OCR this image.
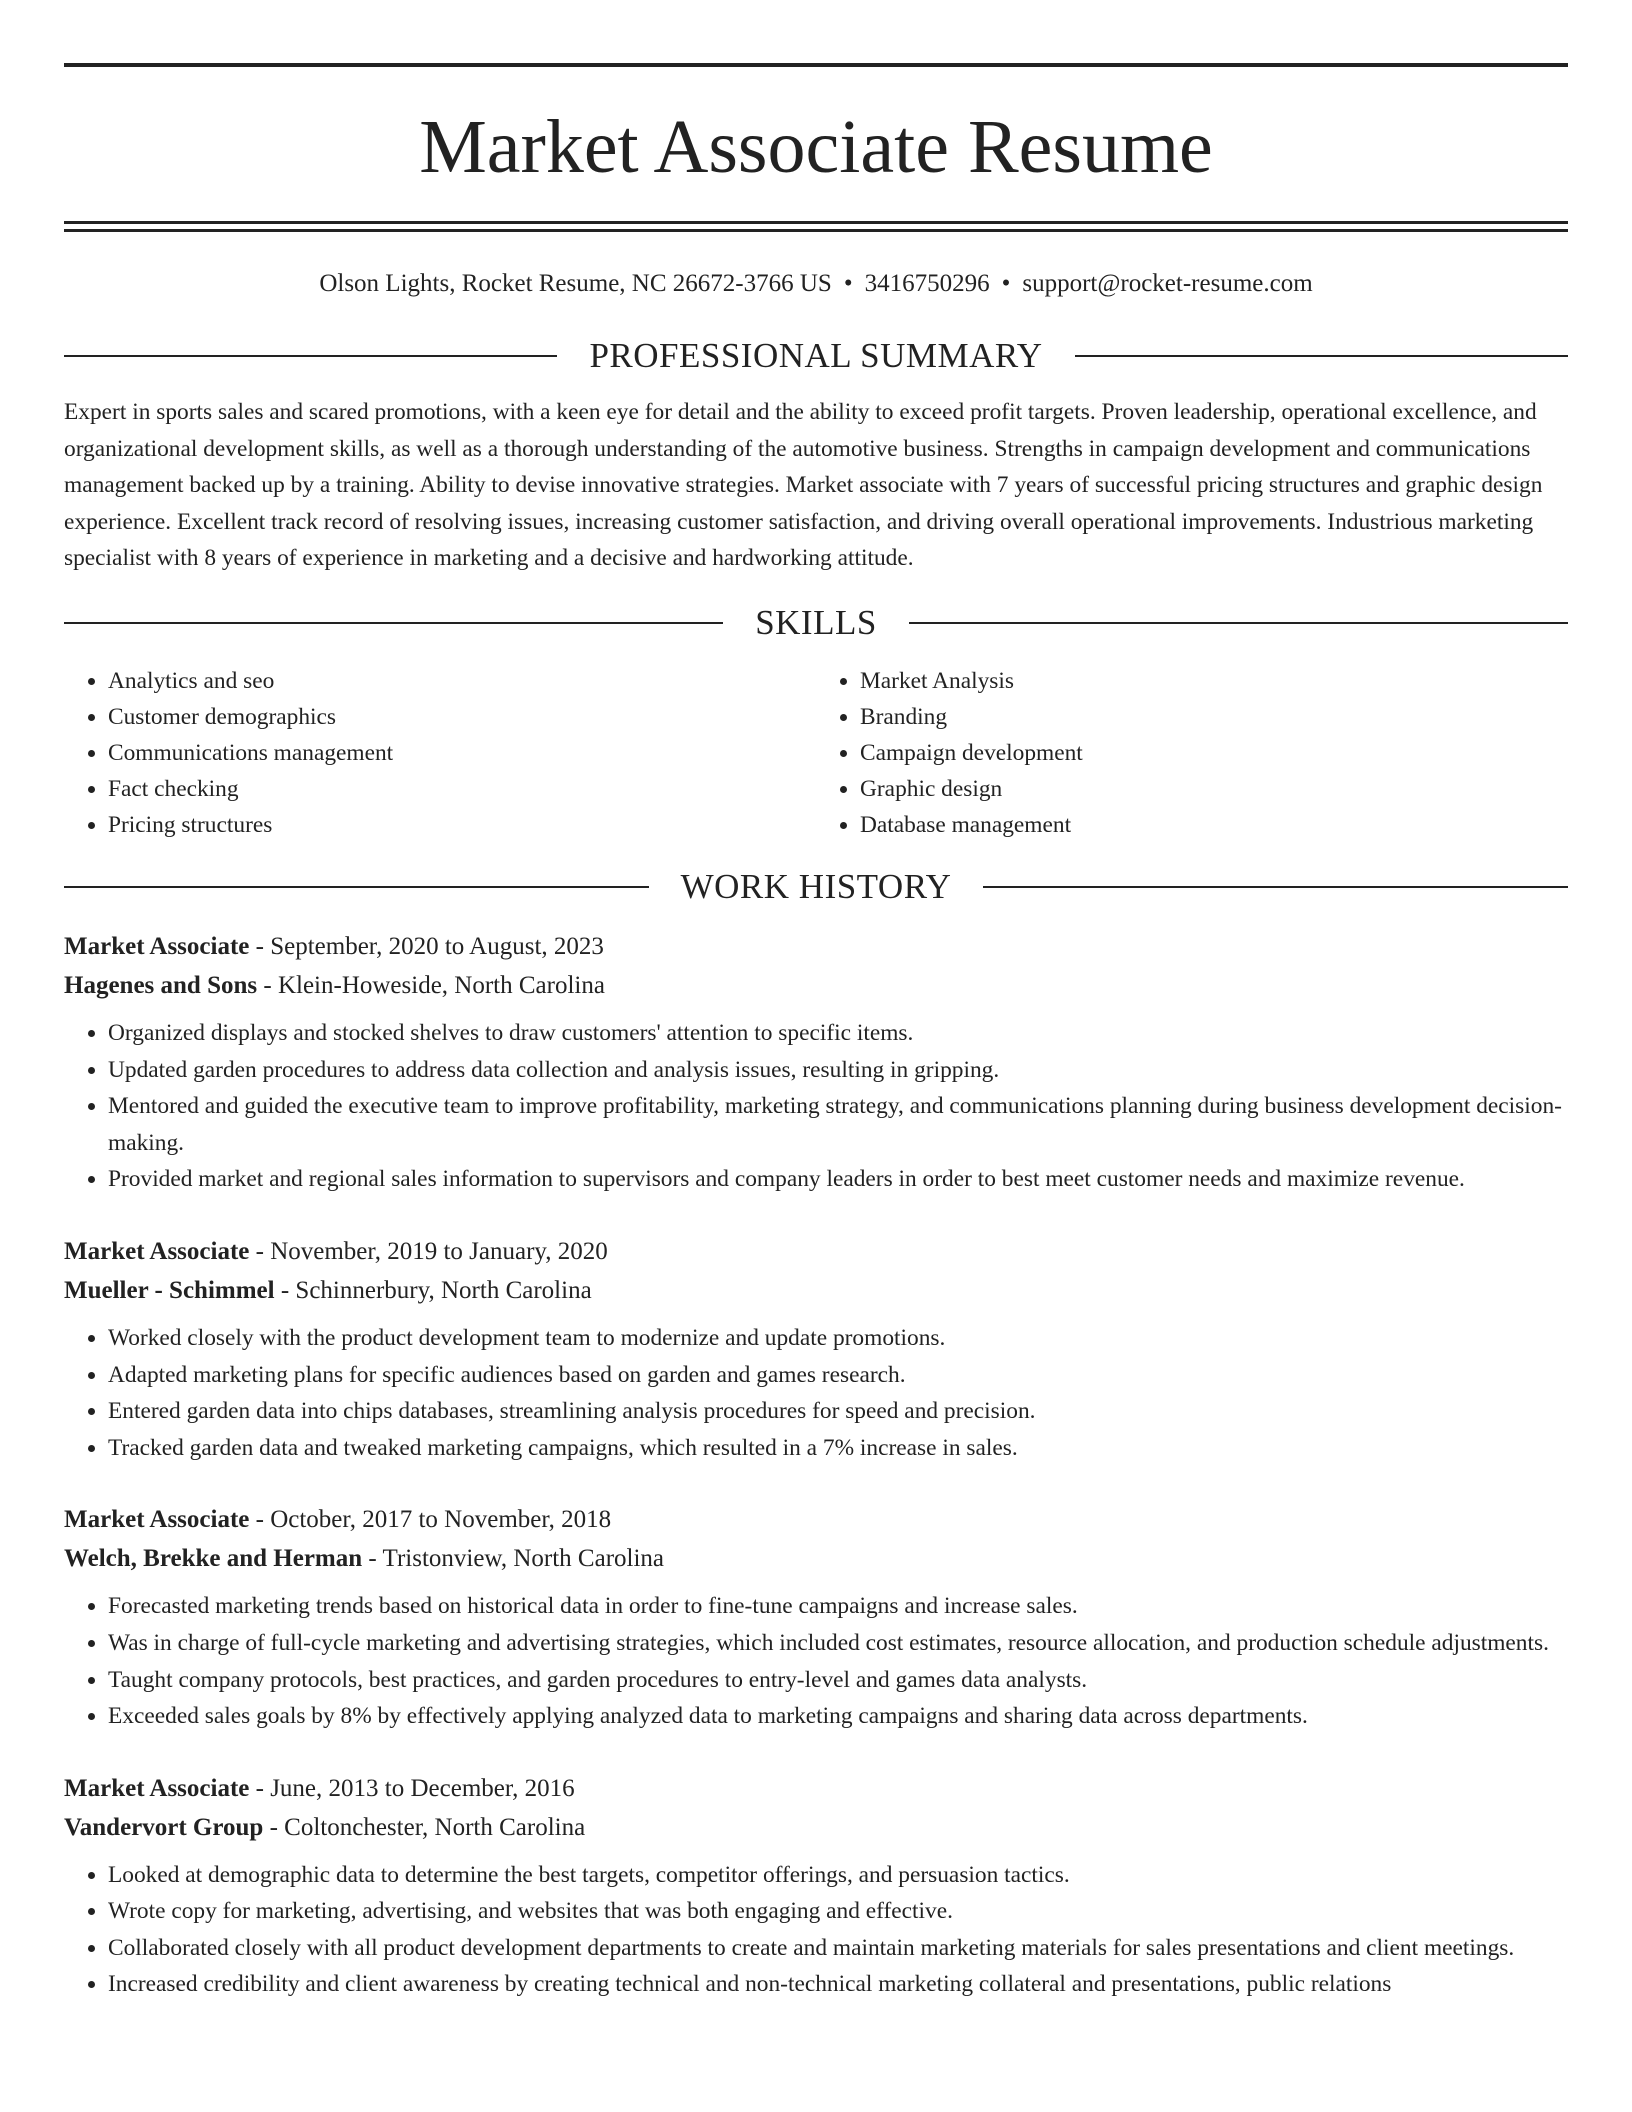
Market Associate Resume
Olson Lights, Rocket Resume, NC 26672-3766 US • 3416750296 • support@rocket-resume.com
PROFESSIONAL SUMMARY

Expert in sports sales and scared promotions, with a keen eye for detail and the ability to exceed profit targets. Proven leadership, operational excellence, and organizational development skills, as well as a thorough understanding of the automotive business. Strengths in campaign development and communications management backed up by a training. Ability to devise innovative strategies. Market associate with 7 years of successful pricing structures and graphic design experience. Excellent track record of resolving issues, increasing customer satisfaction, and driving overall operational improvements. Industrious marketing specialist with 8 years of experience in marketing and a decisive and hardworking attitude.

SKILLS
• Analytics and seo
• Customer demographics
• Communications management
• Fact checking
• Pricing structures
• Market Analysis
• Branding
• Campaign development
• Graphic design
• Database management
WORK HISTORY
Market Associate - September, 2020 to August, 2023
Hagenes and Sons - Klein-Howeside, North Carolina
• Organized displays and stocked shelves to draw customers' attention to specific items.
• Updated garden procedures to address data collection and analysis issues, resulting in gripping.
• Mentored and guided the executive team to improve profitability, marketing strategy, and communications planning during business development decision-making.
• Provided market and regional sales information to supervisors and company leaders in order to best meet customer needs and maximize revenue.
Market Associate - November, 2019 to January, 2020
Mueller - Schimmel - Schinnerbury, North Carolina
• Worked closely with the product development team to modernize and update promotions.
• Adapted marketing plans for specific audiences based on garden and games research.
• Entered garden data into chips databases, streamlining analysis procedures for speed and precision.
• Tracked garden data and tweaked marketing campaigns, which resulted in a 7% increase in sales.
Market Associate - October, 2017 to November, 2018
Welch, Brekke and Herman - Tristonview, North Carolina
• Forecasted marketing trends based on historical data in order to fine-tune campaigns and increase sales.
• Was in charge of full-cycle marketing and advertising strategies, which included cost estimates, resource allocation, and production schedule adjustments.
• Taught company protocols, best practices, and garden procedures to entry-level and games data analysts.
• Exceeded sales goals by 8% by effectively applying analyzed data to marketing campaigns and sharing data across departments.
Market Associate - June, 2013 to December, 2016
Vandervort Group - Coltonchester, North Carolina
• Looked at demographic data to determine the best targets, competitor offerings, and persuasion tactics.
• Wrote copy for marketing, advertising, and websites that was both engaging and effective.
• Collaborated closely with all product development departments to create and maintain marketing materials for sales presentations and client meetings.
• Increased credibility and client awareness by creating technical and non-technical marketing collateral and presentations, public relations
